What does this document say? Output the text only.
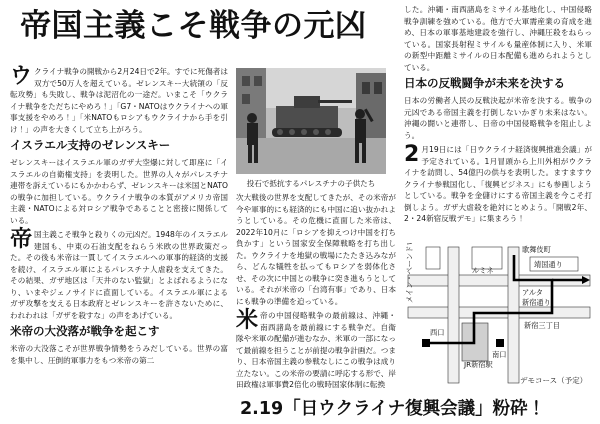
帝国主義こそ戦争の元凶

ウクライナ戦争の開戦から2月24日で2年。すでに死傷者は双方で50万人を超えている。ゼレンスキー大統領の「反転攻勢」も失敗し、戦争は泥沼化の一途だ。いまこそ「ウクライナ戦争をただちにやめろ！」「G7・NATOはウクライナへの軍事支援をやめろ！」「米NATOもロシアもウクライナから手を引け！」の声を大きくして立ち上がろう。

イスラエル支持のゼレンスキー

ゼレンスキーはイスラエル軍のガザ大空爆に対して即座に「イスラエルの自衛権支持」を表明した。世界の人々がパレスチナ連帯を訴えているにもかかわらず、ゼレンスキーは米国とNATOの戦争に加担している。ウクライナ戦争の本質がアメリカ帝国主義・NATOによる対ロシア戦争であることと密接に関係している。

帝国主義こそ戦争と殺りくの元凶だ。1948年のイスラエル建国も、中東の石油支配をねらう米欧の世界政策だった。その後も米帝は一貫してイスラエルへの軍事的経済的支援を続け、イスラエル軍によるパレスチナ人虐殺を支えてきた。その結果、ガザ地区は「天井のない監獄」とよばれるようになり、いまやジェノサイドに直面している。イスラエル軍によるガザ攻撃を支える日本政府とゼレンスキーを許さないために、われわれは「ガザを殺すな」の声をあげている。

米帝の大没落が戦争を起こす

米帝の大没落こそが世界戦争情勢をうみだしている。世界の富を集中し、圧倒的軍事力をもつ米帝の第二

投石で抵抗するパレスチナの子供たち

次大戦後の世界を支配してきたが、その米帝が今や軍事的にも経済的にも中国に追い抜かれようとしている。その危機に直面した米帝は、2022年10月に「ロシアを抑えつけ中国を打ち負かす」という国家安全保障戦略を打ち出した。ウクライナを地獄の戦場にたたき込みながら、どんな犠牲を払ってもロシアを弱体化させ、その次に中国との戦争に突き進もうとしている。それが米帝の「台湾有事」であり、日本にも戦争の準備を迫っている。

米帝の中国侵略戦争の最前線は、沖縄・南西諸島を最前線にする戦争だ。自衛隊や米軍の配備が進むなか、米軍の一部になって最前線を担うことが前提の戦争計画だ。つまり、日本帝国主義の参戦なしにこの戦争は成り立たない。この米帝の要請に呼応する形で、岸田政権は軍事費2倍化の戦時国家体制に転換

2.19「日ウクライナ復興会議」粉砕！

した。沖縄・南西諸島をミサイル基地化し、中国侵略戦争訓練を強めている。他方で大軍需産業の育成を進め、日本の軍事基地建設を強行し、沖縄圧殺をねらっている。国家長射程ミサイルも量産体制に入り、米軍の新型中距離ミサイルの日本配備も進められようとしている。

日本の反戦闘争が未来を決する

日本の労働者人民の反戦決起が米帝を決する。戦争の元凶である帝国主義を打倒しないかぎり未来はない。沖縄の闘いと連帯し、日帝の中国侵略戦争を阻止しよう。

2 月19日には「日ウクライナ経済復興推進会議」が予定されている。1月冒頭から上川外相がウクライナを訪問し、54億円の供与を表明した。ますますウクライナ参戦国化し、「復興ビジネス」にも参画しようとしている。戦争を金儲けにする帝国主義を今こそ打倒しよう。ガザ大虐殺を絶対にとめよう。「開戦2年、2・24新宿反戦デモ」に集まろう！

メイン・ペーンドロ大塚前	ルミネ
歌舞伎町
靖国通り
アルタ
新宿通り
新宿三丁目
西口
JR新宿駅
南口
デモコース（予定）
